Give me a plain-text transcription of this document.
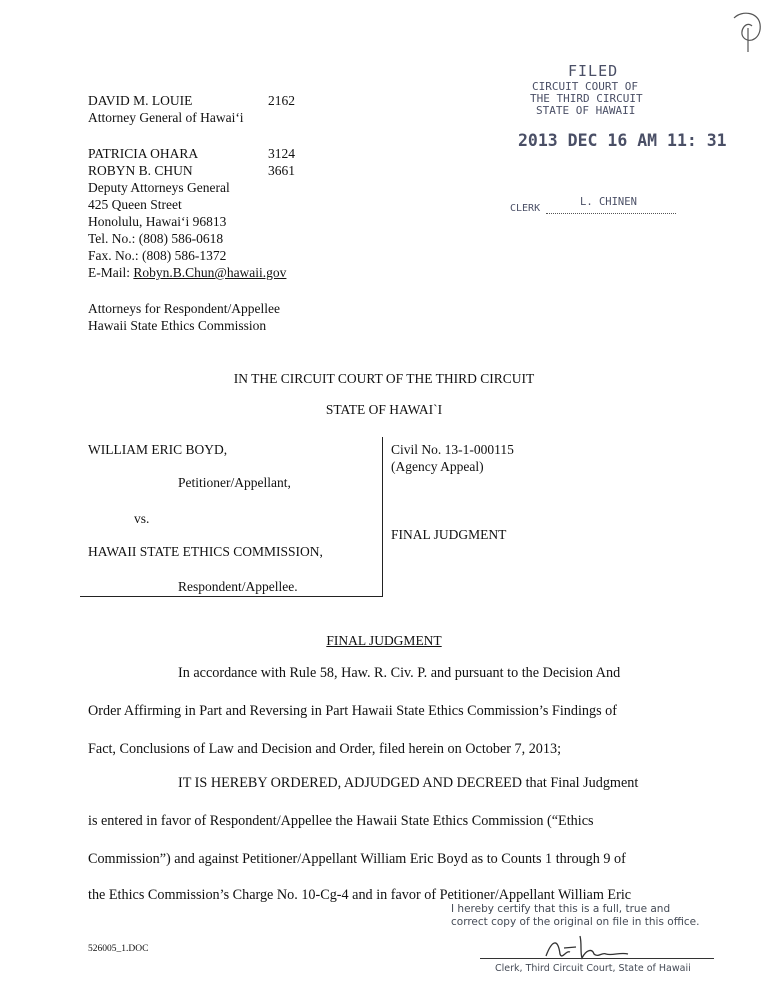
DAVID M. LOUIE	2162
Attorney General of Hawai‘i
PATRICIA OHARA	3124
ROBYN B. CHUN	3661
Deputy Attorneys General
425 Queen Street
Honolulu, Hawai‘i 96813
Tel. No.: (808) 586-0618
Fax. No.: (808) 586-1372
E-Mail: Robyn.B.Chun@hawaii.gov
Attorneys for Respondent/Appellee
Hawaii State Ethics Commission
FILED
CIRCUIT COURT OF
THE THIRD CIRCUIT
STATE OF HAWAII
2013 DEC 16 AM 11: 31
CLERK
L. CHINEN
IN THE CIRCUIT COURT OF THE THIRD CIRCUIT
STATE OF HAWAI`I
WILLIAM ERIC BOYD,
Petitioner/Appellant,
vs.
HAWAII STATE ETHICS COMMISSION,
Respondent/Appellee.
Civil No. 13-1-000115
(Agency Appeal)
FINAL JUDGMENT
FINAL JUDGMENT
In accordance with Rule 58, Haw. R. Civ. P. and pursuant to the Decision And
Order Affirming in Part and Reversing in Part Hawaii State Ethics Commission’s Findings of
Fact, Conclusions of Law and Decision and Order, filed herein on October 7, 2013;
IT IS HEREBY ORDERED, ADJUDGED AND DECREED that Final Judgment
is entered in favor of Respondent/Appellee the Hawaii State Ethics Commission (“Ethics
Commission”) and against Petitioner/Appellant William Eric Boyd as to Counts 1 through 9 of
the Ethics Commission’s Charge No. 10-Cg-4 and in favor of Petitioner/Appellant William Eric
526005_1.DOC
I hereby certify that this is a full, true and
correct copy of the original on file in this office.
Clerk, Third Circuit Court, State of Hawaii
